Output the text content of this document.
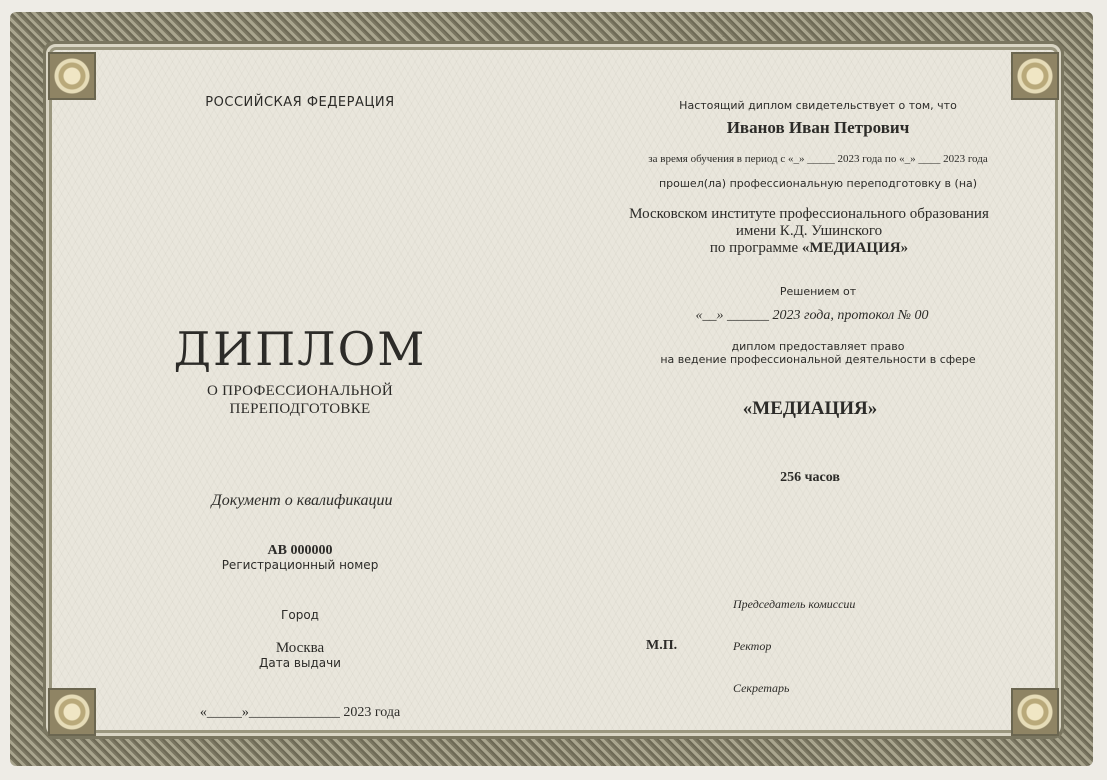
РОССИЙСКАЯ ФЕДЕРАЦИЯ
ДИПЛОМ
О ПРОФЕССИОНАЛЬНОЙ
ПЕРЕПОДГОТОВКЕ
Документ о квалификации
АВ 000000
Регистрационный номер
Город
Москва
Дата выдачи
«_____»_____________ 2023 года
Настоящий диплом свидетельствует о том, что
Иванов Иван Петрович
за время обучения в период с «_» _____ 2023 года по «_» ____ 2023 года
прошел(ла) профессиональную переподготовку в (на)
Московском институте профессионального образования
имени К.Д. Ушинского
по программе «МЕДИАЦИЯ»
Решением от
«__» ______ 2023 года, протокол № 00
диплом предоставляет право
на ведение профессиональной деятельности в сфере
«МЕДИАЦИЯ»
256 часов
М.П.
Председатель комиссии
Ректор
Секретарь
